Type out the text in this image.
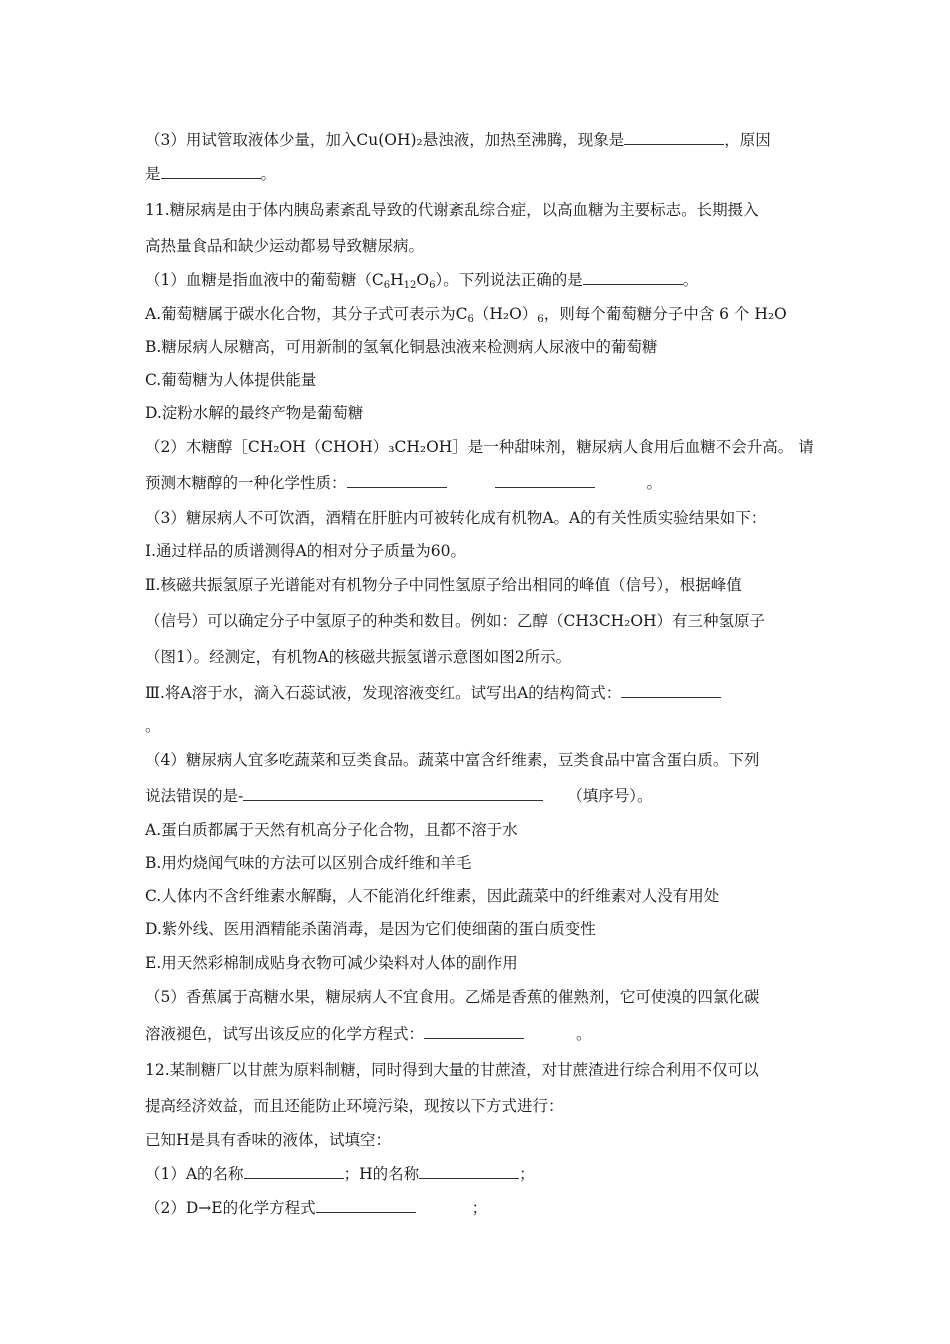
（3）用试管取液体少量，加入Cu(OH)₂悬浊液，加热至沸腾，现象是	，原因
是	。
11.糖尿病是由于体内胰岛素紊乱导致的代谢紊乱综合症，以高血糖为主要标志。长期摄入
高热量食品和缺少运动都易导致糖尿病。
（1）血糖是指血液中的葡萄糖$(C_6H_{12}O_6)$。下列说法正确的是	。
A.葡萄糖属于碳水化合物，其分子式可表示为$C_6(H_2O)_6$，则每个葡萄糖分子中含 6 个 H₂O
B.糖尿病人尿糖高，可用新制的氢氧化铜悬浊液来检测病人尿液中的葡萄糖
C.葡萄糖为人体提供能量
D.淀粉水解的最终产物是葡萄糖
（2）木糖醇［CH₂OH（CHOH）₃CH₂OH］是一种甜味剂，糖尿病人食用后血糖不会升高。 请
预测木糖醇的一种化学性质：	。
（3）糖尿病人不可饮酒，酒精在肝脏内可被转化成有机物A。A的有关性质实验结果如下：
Ⅰ.通过样品的质谱测得A的相对分子质量为60。
Ⅱ.核磁共振氢原子光谱能对有机物分子中同性氢原子给出相同的峰值（信号），根据峰值
（信号）可以确定分子中氢原子的种类和数目。例如：乙醇（CH3CH₂OH）有三种氢原子
（图1）。经测定，有机物A的核磁共振氢谱示意图如图2所示。
Ⅲ.将A溶于水，滴入石蕊试液，发现溶液变红。试写出A的结构简式：
。
（4）糖尿病人宜多吃蔬菜和豆类食品。蔬菜中富含纤维素，豆类食品中富含蛋白质。下列
说法错误的是-	（填序号）。
A.蛋白质都属于天然有机高分子化合物，且都不溶于水
B.用灼烧闻气味的方法可以区别合成纤维和羊毛
C.人体内不含纤维素水解酶，人不能消化纤维素，因此蔬菜中的纤维素对人没有用处
D.紫外线、医用酒精能杀菌消毒，是因为它们使细菌的蛋白质变性
E.用天然彩棉制成贴身衣物可减少染料对人体的副作用
（5）香蕉属于高糖水果，糖尿病人不宜食用。乙烯是香蕉的催熟剂，它可使溴的四氯化碳
溶液褪色，试写出该反应的化学方程式：	。
12.某制糖厂以甘蔗为原料制糖，同时得到大量的甘蔗渣，对甘蔗渣进行综合利用不仅可以
提高经济效益，而且还能防止环境污染，现按以下方式进行：
已知H是具有香味的液体，试填空：
（1）A的名称	；H的名称	；
（2）D→E的化学方程式	；
